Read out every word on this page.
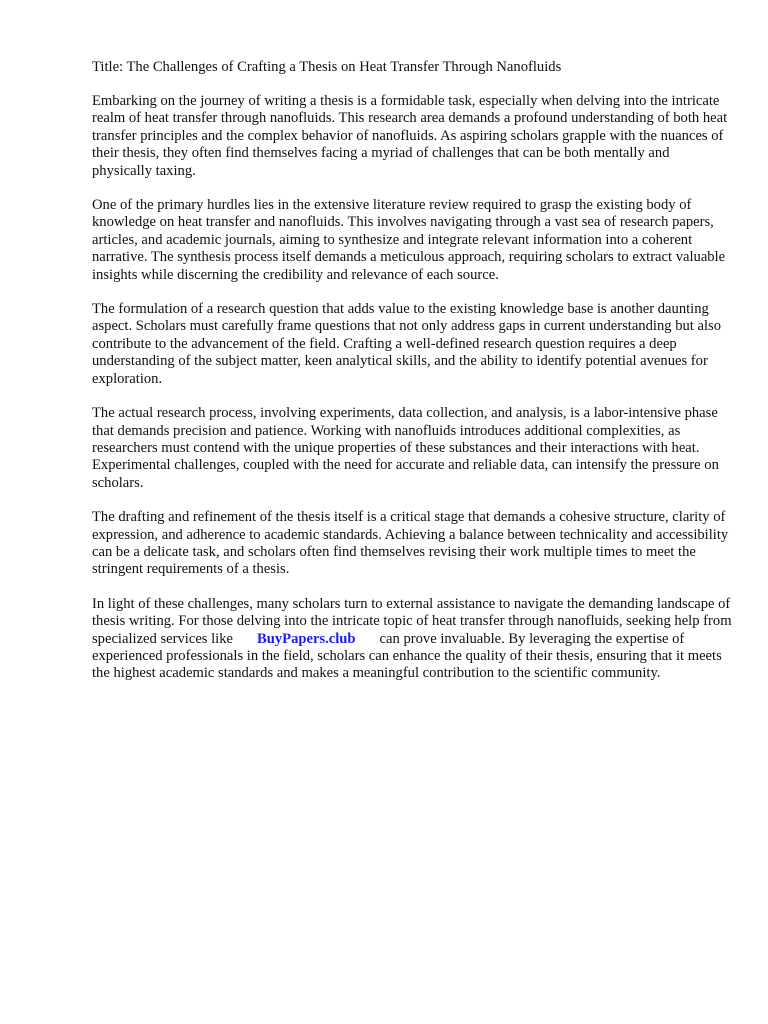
Title: The Challenges of Crafting a Thesis on Heat Transfer Through Nanofluids

Embarking on the journey of writing a thesis is a formidable task, especially when delving into the intricate realm of heat transfer through nanofluids. This research area demands a profound understanding of both heat transfer principles and the complex behavior of nanofluids. As aspiring scholars grapple with the nuances of their thesis, they often find themselves facing a myriad of challenges that can be both mentally and physically taxing.

One of the primary hurdles lies in the extensive literature review required to grasp the existing body of knowledge on heat transfer and nanofluids. This involves navigating through a vast sea of research papers, articles, and academic journals, aiming to synthesize and integrate relevant information into a coherent narrative. The synthesis process itself demands a meticulous approach, requiring scholars to extract valuable insights while discerning the credibility and relevance of each source.

The formulation of a research question that adds value to the existing knowledge base is another daunting aspect. Scholars must carefully frame questions that not only address gaps in current understanding but also contribute to the advancement of the field. Crafting a well-defined research question requires a deep understanding of the subject matter, keen analytical skills, and the ability to identify potential avenues for exploration.

The actual research process, involving experiments, data collection, and analysis, is a labor-intensive phase that demands precision and patience. Working with nanofluids introduces additional complexities, as researchers must contend with the unique properties of these substances and their interactions with heat. Experimental challenges, coupled with the need for accurate and reliable data, can intensify the pressure on scholars.

The drafting and refinement of the thesis itself is a critical stage that demands a cohesive structure, clarity of expression, and adherence to academic standards. Achieving a balance between technicality and accessibility can be a delicate task, and scholars often find themselves revising their work multiple times to meet the stringent requirements of a thesis.

In light of these challenges, many scholars turn to external assistance to navigate the demanding landscape of thesis writing. For those delving into the intricate topic of heat transfer through nanofluids, seeking help from specialized services like BuyPapers.club can prove invaluable. By leveraging the expertise of experienced professionals in the field, scholars can enhance the quality of their thesis, ensuring that it meets the highest academic standards and makes a meaningful contribution to the scientific community.
